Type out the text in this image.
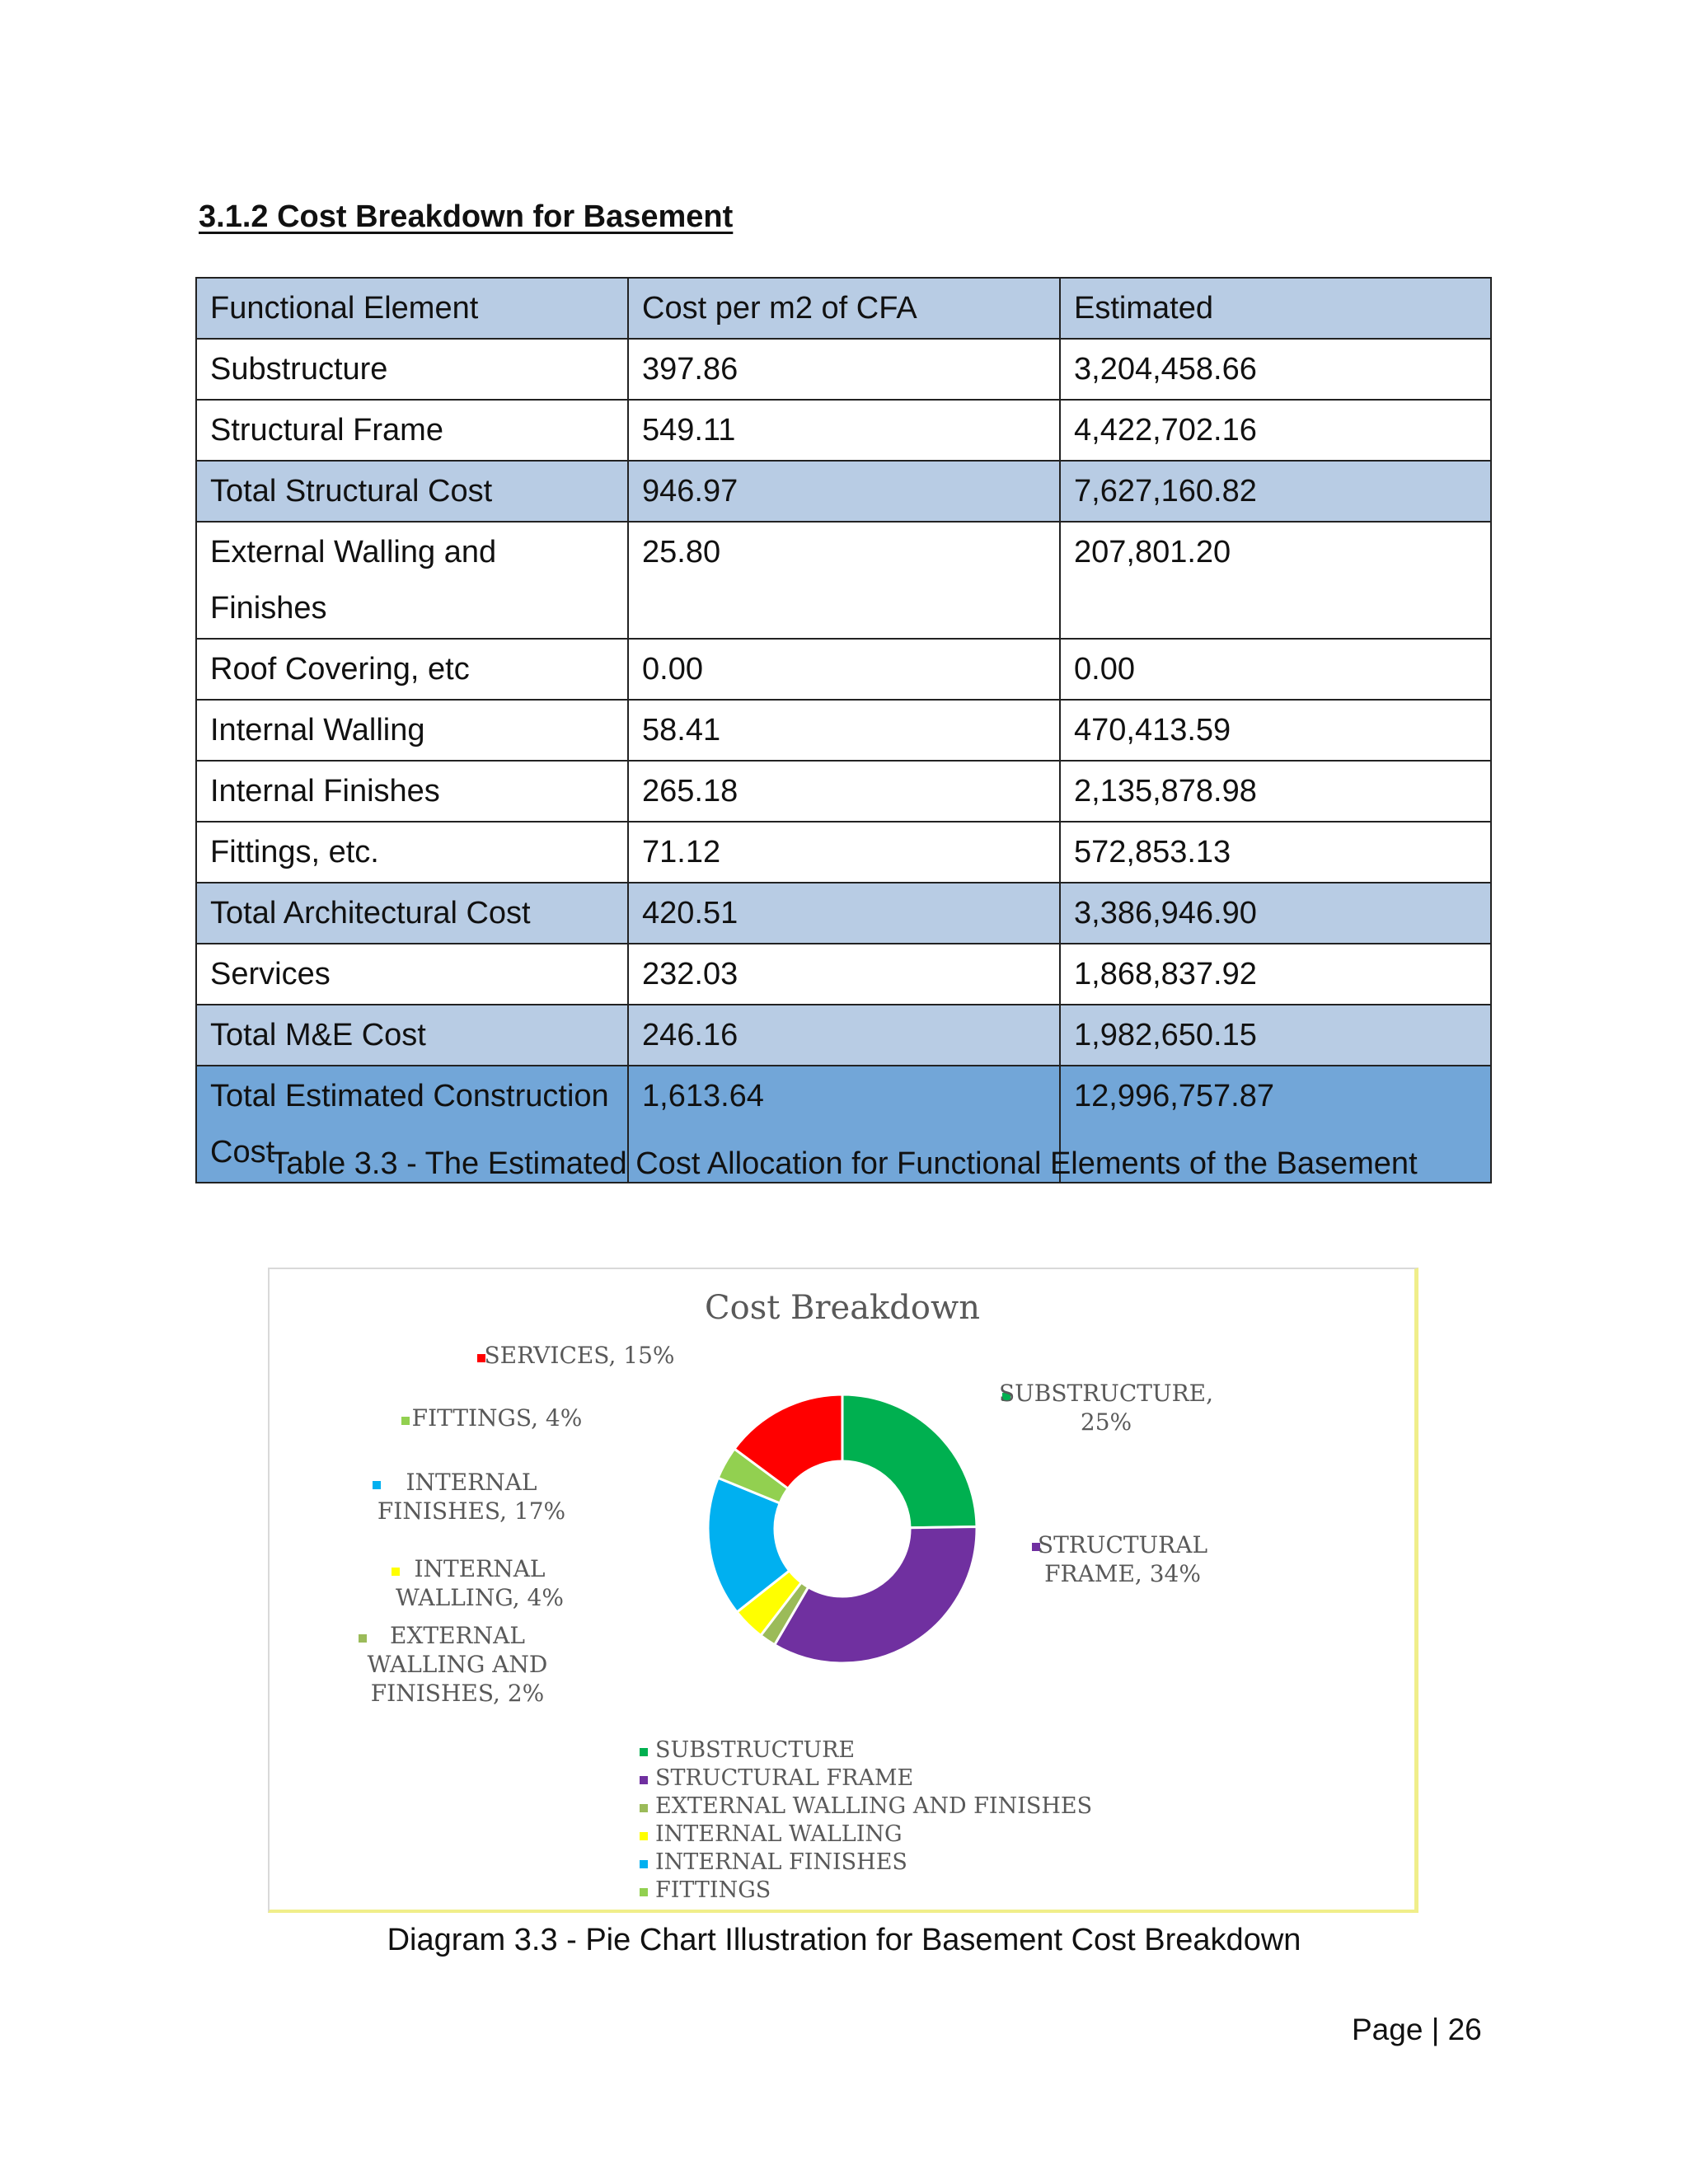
3.1.2 Cost Breakdown for Basement
Functional Element	Cost per m2 of CFA	Estimated
Substructure	397.86	3,204,458.66
Structural Frame	549.11	4,422,702.16
Total Structural Cost	946.97	7,627,160.82
External Walling and Finishes	25.80	207,801.20
Roof Covering, etc	0.00	0.00
Internal Walling	58.41	470,413.59
Internal Finishes	265.18	2,135,878.98
Fittings, etc.	71.12	572,853.13
Total Architectural Cost	420.51	3,386,946.90
Services	232.03	1,868,837.92
Total M&E Cost	246.16	1,982,650.15
Total Estimated Construction Cost	1,613.64	12,996,757.87
Table 3.3 - The Estimated Cost Allocation for Functional Elements of the Basement
Cost Breakdown
SUBSTRUCTURE,
25%
STRUCTURAL
FRAME, 34%
EXTERNAL
WALLING AND
FINISHES, 2%
INTERNAL
WALLING, 4%
INTERNAL
FINISHES, 17%
FITTINGS, 4%
SERVICES, 15%
SUBSTRUCTURE
STRUCTURAL FRAME
EXTERNAL WALLING AND FINISHES
INTERNAL WALLING
INTERNAL FINISHES
FITTINGS
Diagram 3.3 - Pie Chart Illustration for Basement Cost Breakdown
Page | 26
